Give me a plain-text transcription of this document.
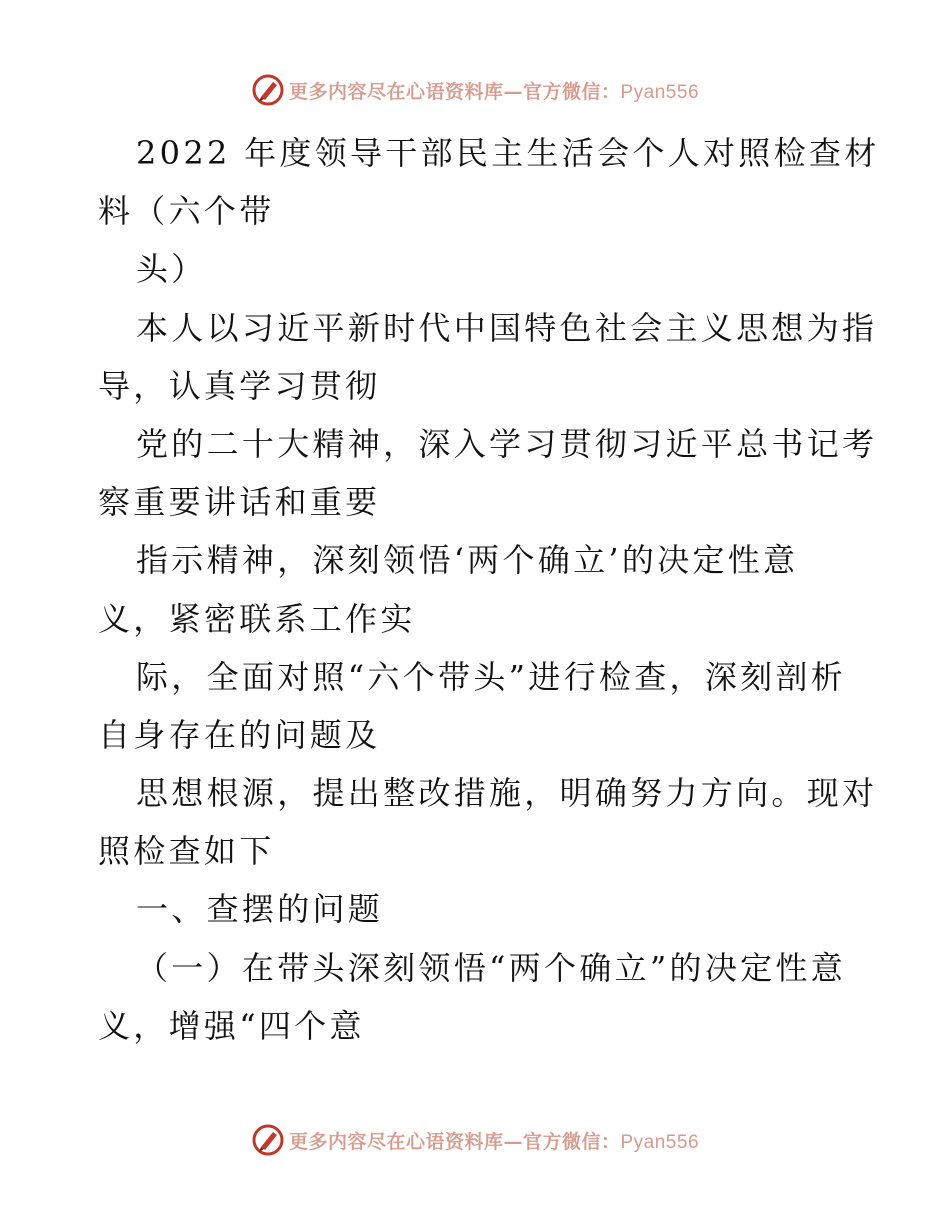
更多内容尽在心语资料库—官方微信：Pyan556
2022 年度领导干部民主生活会个人对照检查材
料（六个带
头）
本人以习近平新时代中国特色社会主义思想为指
导，认真学习贯彻
党的二十大精神，深入学习贯彻习近平总书记考
察重要讲话和重要
指示精神，深刻领悟‘两个确立’的决定性意
义，紧密联系工作实
际，全面对照“六个带头”进行检查，深刻剖析
自身存在的问题及
思想根源，提出整改措施，明确努力方向。现对
照检查如下
一、查摆的问题
（一）在带头深刻领悟“两个确立”的决定性意
义，增强“四个意
更多内容尽在心语资料库—官方微信：Pyan556
